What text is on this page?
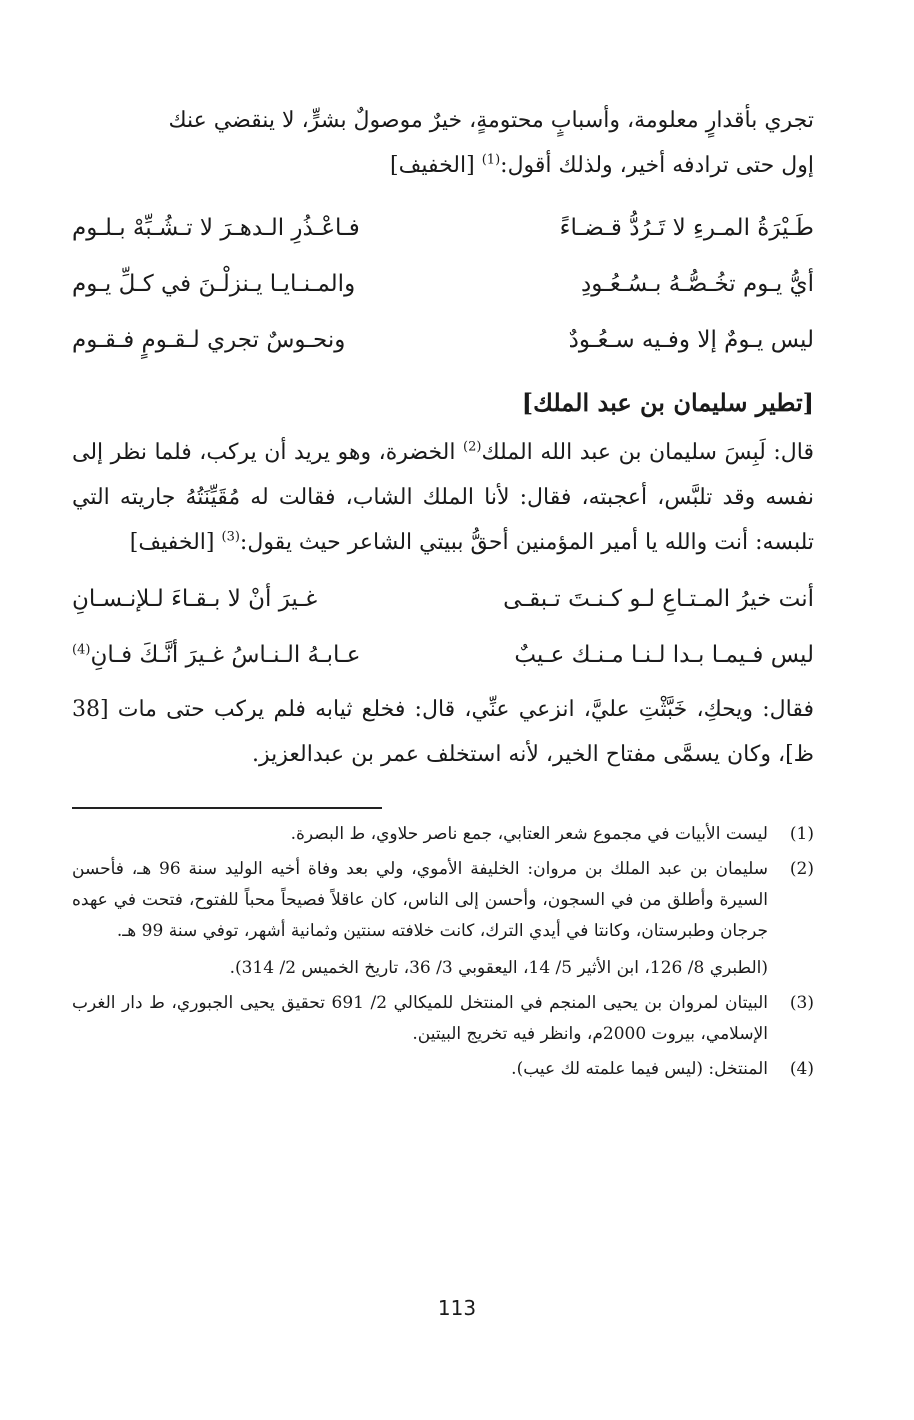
تجري بأقدارٍ معلومة، وأسبابٍ محتومةٍ، خيرٌ موصولٌ بشرٍّ، لا ينقضي عنك
إول حتى ترادفه أخير، ولذلك أقول:$^{(1)}$ [الخفيف]

طَـيْرَةُ المـرءِ لا تَـرُدُّ قـضـاءً
فـاعْـذُرِ الـدهـرَ لا تـشُـبِّهْ بـلـوم
أيُّ يـوم تخُـصُّـهُ بـسُـعُـودِ
والمـنـايـا يـنزلْـنَ في كـلِّ يـوم
ليس يـومٌ إلا وفـيه سـعُـودٌ
ونحـوسٌ تجري لـقـومٍ فـقـوم
[تطير سليمان بن عبد الملك]

قال: لَبِسَ سليمان بن عبد الله الملك$^{(2)}$ الخضرة، وهو يريد أن يركب، فلما نظر إلى نفسه وقد تلبَّس، أعجبته، فقال: لأنا الملك الشاب، فقالت له مُقَيِّنَتُهُ جاريته التي تلبسه: أنت والله يا أمير المؤمنين أحقُّ ببيتي الشاعر حيث يقول:$^{(3)}$ [الخفيف]

أنت خيرُ المـتـاعِ لـو كـنـتَ تـبقـى
غـيرَ أنْ لا بـقـاءَ لـلإنـسـانِ
ليس فـيمـا بـدا لـنـا مـنـك عـيبٌ
عـابـهُ الـنـاسُ غـيرَ أنَّـكَ فـانِ$^{(4)}$

فقال: ويحكِ، خَبَّثْتِ عليَّ، انزعي عنِّي، قال: فخلع ثيابه فلم يركب حتى مات [38 ظ]، وكان يسمَّى مفتاح الخير، لأنه استخلف عمر بن عبدالعزيز.

(1)
ليست الأبيات في مجموع شعر العتابي، جمع ناصر حلاوي، ط البصرة.
(2)
سليمان بن عبد الملك بن مروان: الخليفة الأموي، ولي بعد وفاة أخيه الوليد سنة 96 هـ، فأحسن السيرة وأطلق من في السجون، وأحسن إلى الناس، كان عاقلاً فصيحاً محباً للفتوح، فتحت في عهده جرجان وطبرستان، وكانتا في أيدي الترك، كانت خلافته سنتين وثمانية أشهر، توفي سنة 99 هـ.
(الطبري 8/ 126، ابن الأثير 5/ 14، اليعقوبي 3/ 36، تاريخ الخميس 2/ 314).
(3)
البيتان لمروان بن يحيى المنجم في المنتخل للميكالي 2/ 691 تحقيق يحيى الجبوري، ط دار الغرب الإسلامي، بيروت 2000م، وانظر فيه تخريج البيتين.
(4)
المنتخل: (ليس فيما علمته لك عيب).
113
